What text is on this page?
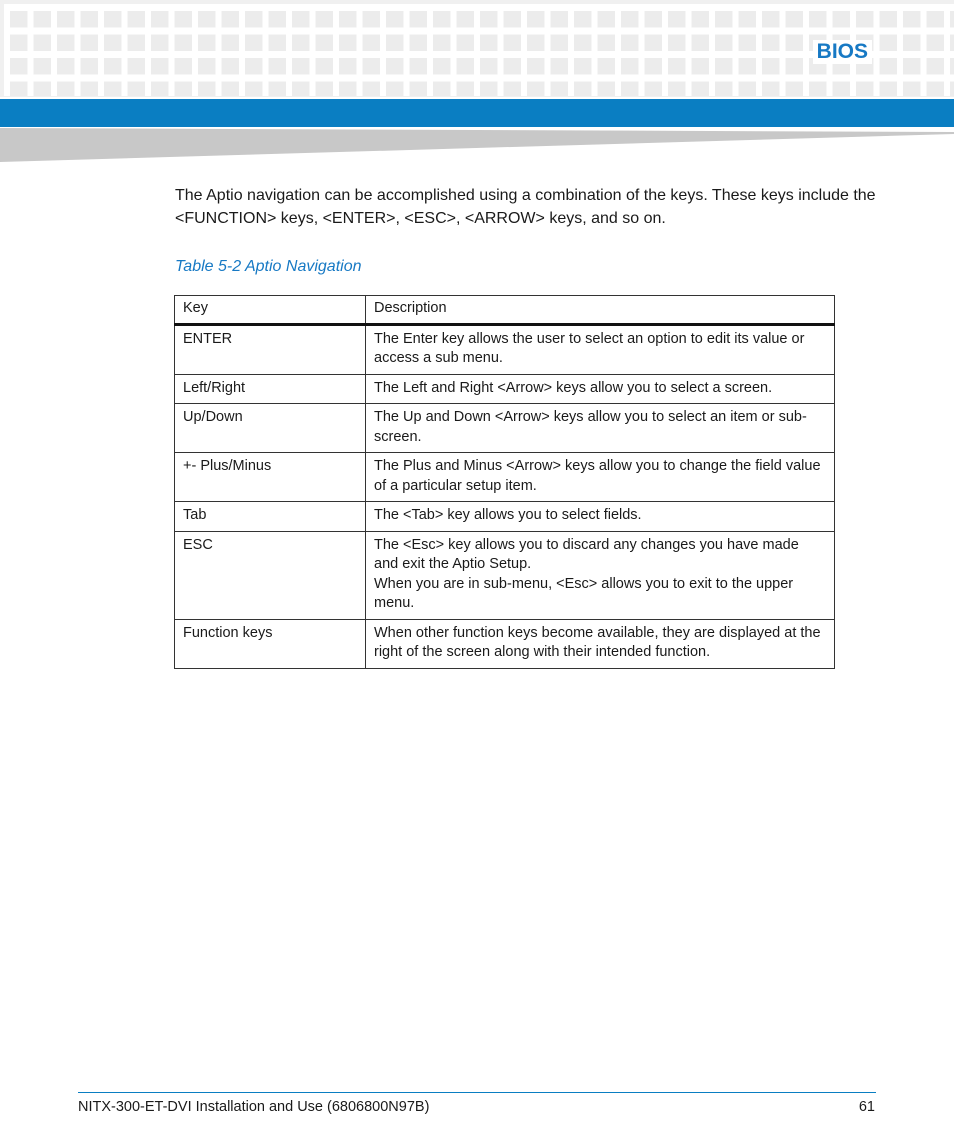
BIOS
The Aptio navigation can be accomplished using a combination of the keys. These keys include the <FUNCTION> keys, <ENTER>, <ESC>, <ARROW> keys, and so on.
Table 5-2 Aptio Navigation
Key	Description
ENTER	The Enter key allows the user to select an option to edit its value or access a sub menu.

Left/Right	The Left and Right <Arrow> keys allow you to select a screen.

Up/Down	The Up and Down <Arrow> keys allow you to select an item or sub-screen.

+- Plus/Minus	The Plus and Minus <Arrow> keys allow you to change the field value of a particular setup item.

Tab	The <Tab> key allows you to select fields.

ESC	The <Esc> key allows you to discard any changes you have made and exit the Aptio Setup.
When you are in sub-menu, <Esc> allows you to exit to the upper menu.

Function keys	When other function keys become available, they are displayed at the right of the screen along with their intended function.
NITX-300-ET-DVI Installation and Use (6806800N97B)	61
